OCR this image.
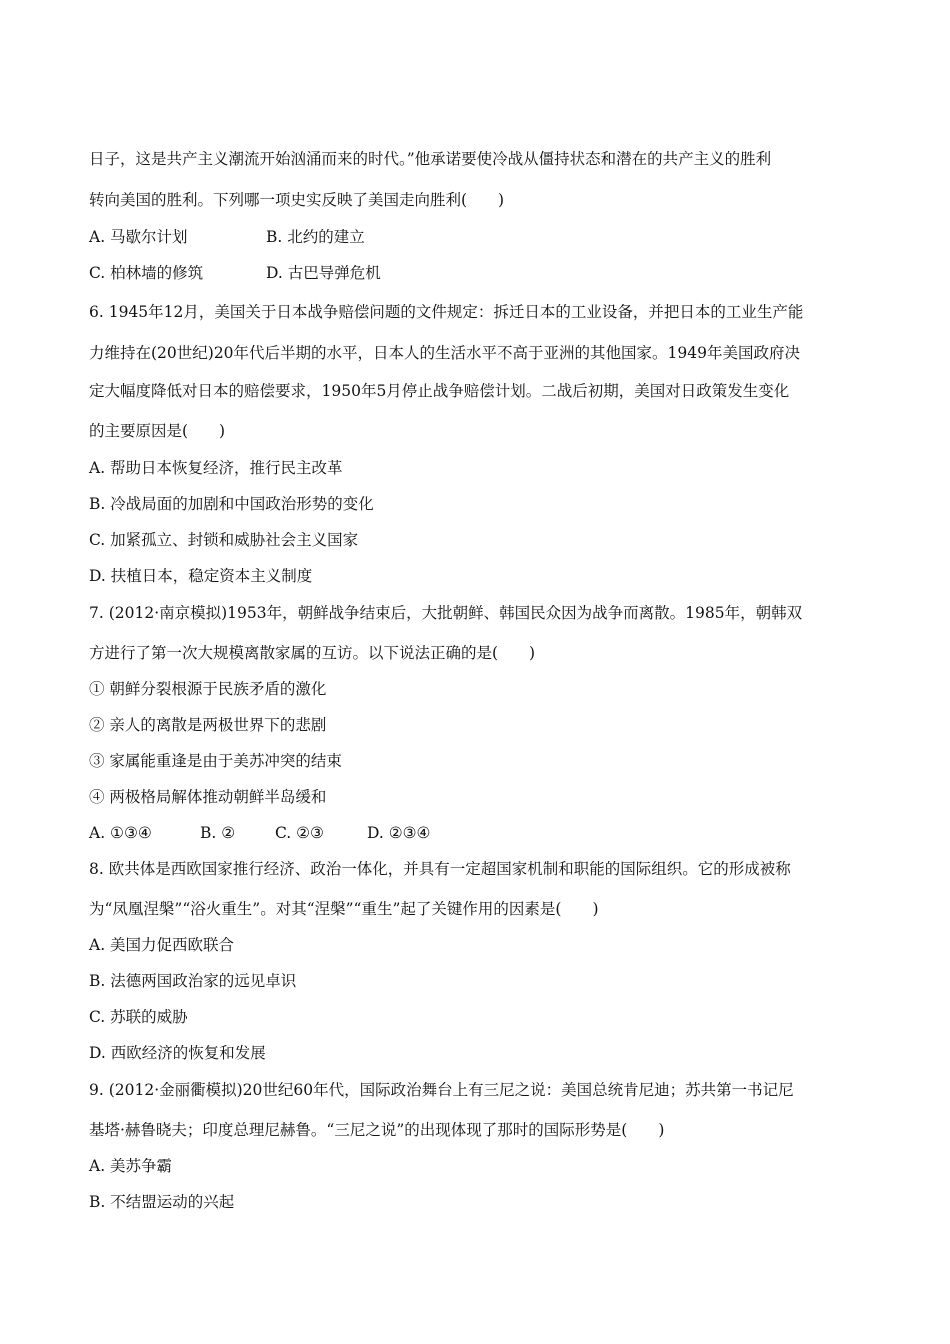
日子，这是共产主义潮流开始汹涌而来的时代。”他承诺要使冷战从僵持状态和潜在的共产主义的胜利
转向美国的胜利。下列哪一项史实反映了美国走向胜利(　　)
A. 马歇尔计划	B. 北约的建立
C. 柏林墙的修筑	D. 古巴导弹危机
6. 1945年12月，美国关于日本战争赔偿问题的文件规定：拆迁日本的工业设备，并把日本的工业生产能
力维持在(20世纪)20年代后半期的水平，日本人的生活水平不高于亚洲的其他国家。1949年美国政府决
定大幅度降低对日本的赔偿要求，1950年5月停止战争赔偿计划。二战后初期，美国对日政策发生变化
的主要原因是(　　)
A. 帮助日本恢复经济，推行民主改革
B. 冷战局面的加剧和中国政治形势的变化
C. 加紧孤立、封锁和威胁社会主义国家
D. 扶植日本，稳定资本主义制度
7. (2012·南京模拟)1953年，朝鲜战争结束后，大批朝鲜、韩国民众因为战争而离散。1985年，朝韩双
方进行了第一次大规模离散家属的互访。以下说法正确的是(　　)
① 朝鲜分裂根源于民族矛盾的激化
② 亲人的离散是两极世界下的悲剧
③ 家属能重逢是由于美苏冲突的结束
④ 两极格局解体推动朝鲜半岛缓和
A. ①③④	B. ②	C. ②③	D. ②③④
8. 欧共体是西欧国家推行经济、政治一体化，并具有一定超国家机制和职能的国际组织。它的形成被称
为“凤凰涅槃”“浴火重生”。对其“涅槃”“重生”起了关键作用的因素是(　　)
A. 美国力促西欧联合
B. 法德两国政治家的远见卓识
C. 苏联的威胁
D. 西欧经济的恢复和发展
9. (2012·金丽衢模拟)20世纪60年代，国际政治舞台上有三尼之说：美国总统肯尼迪；苏共第一书记尼
基塔·赫鲁晓夫；印度总理尼赫鲁。“三尼之说”的出现体现了那时的国际形势是(　　)
A. 美苏争霸
B. 不结盟运动的兴起
